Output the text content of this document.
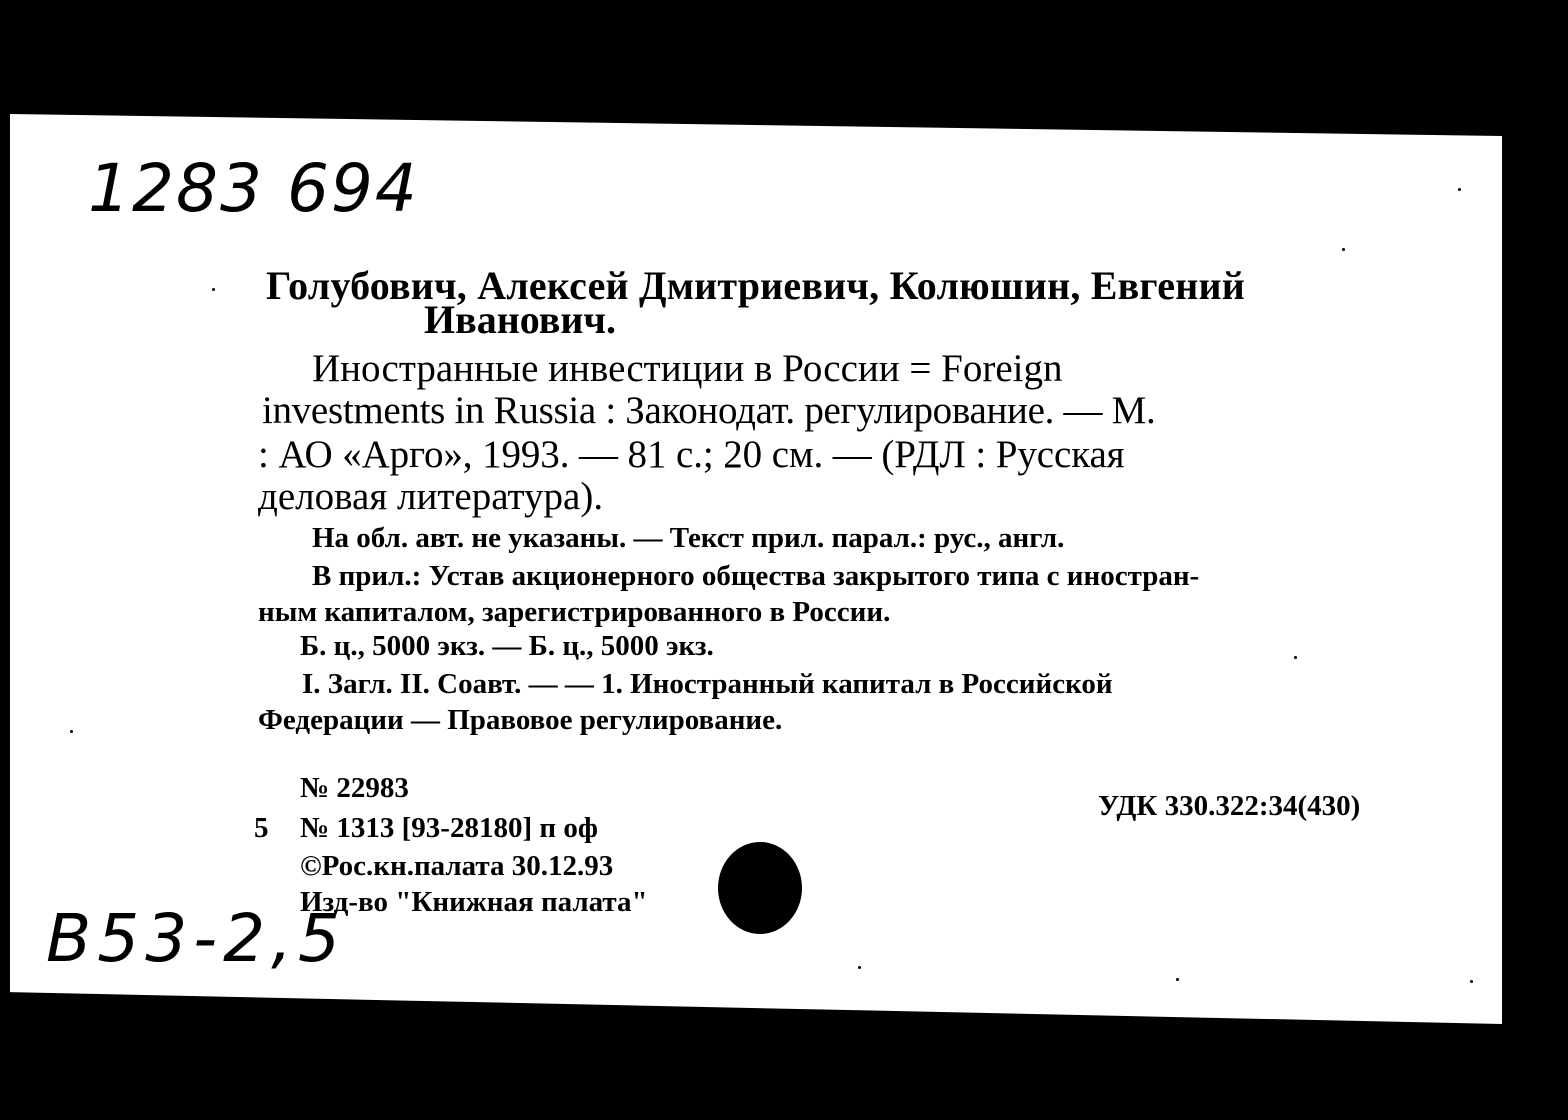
1283 694
Голубович, Алексей Дмитриевич, Колюшин, Евгений
Иванович.
Иностранные инвестиции в России = Foreign
investments in Russia : Законодат. регулирование. — М.
: АО «Арго», 1993. — 81 с.; 20 см. — (РДЛ : Русская
деловая литература).
На обл. авт. не указаны. — Текст прил. парал.: рус., англ.
В прил.: Устав акционерного общества закрытого типа с иностран-
ным капиталом, зарегистрированного в России.
Б. ц., 5000 экз. — Б. ц., 5000 экз.
I. Загл. II. Соавт. — — 1. Иностранный капитал в Российской
Федерации — Правовое регулирование.
№ 22983
5 № 1313 [93-28180] п оф
©Рос.кн.палата 30.12.93
Изд-во "Книжная палата"
УДК 330.322:34(430)
B53-2,5
